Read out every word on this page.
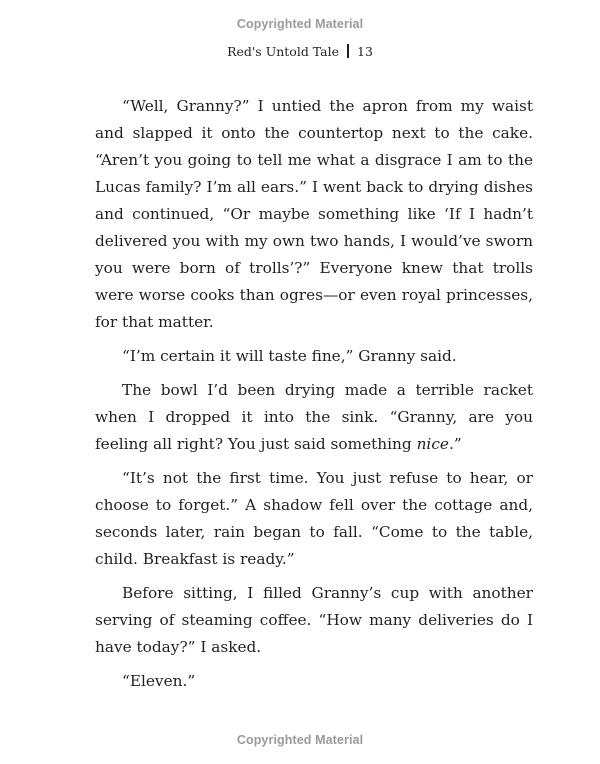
Copyrighted Material
Red's Untold Tale 13

“Well, Granny?” I untied the apron from my waist and slapped it onto the countertop next to the cake. “Aren’t you going to tell me what a disgrace I am to the Lucas family? I’m all ears.” I went back to drying dishes and continued, “Or maybe something like ‘If I hadn’t delivered you with my own two hands, I would’ve sworn you were born of trolls’?” Everyone knew that trolls were worse cooks than ogres—or even royal princesses, for that matter.

“I’m certain it will taste fine,” Granny said.

The bowl I’d been drying made a terrible racket when I dropped it into the sink. “Granny, are you feeling all right? You just said something nice.”

“It’s not the first time. You just refuse to hear, or choose to forget.” A shadow fell over the cottage and, seconds later, rain began to fall. “Come to the table, child. Breakfast is ready.”

Before sitting, I filled Granny’s cup with another serving of steaming coffee. “How many deliveries do I have today?” I asked.

“Eleven.”

Copyrighted Material
